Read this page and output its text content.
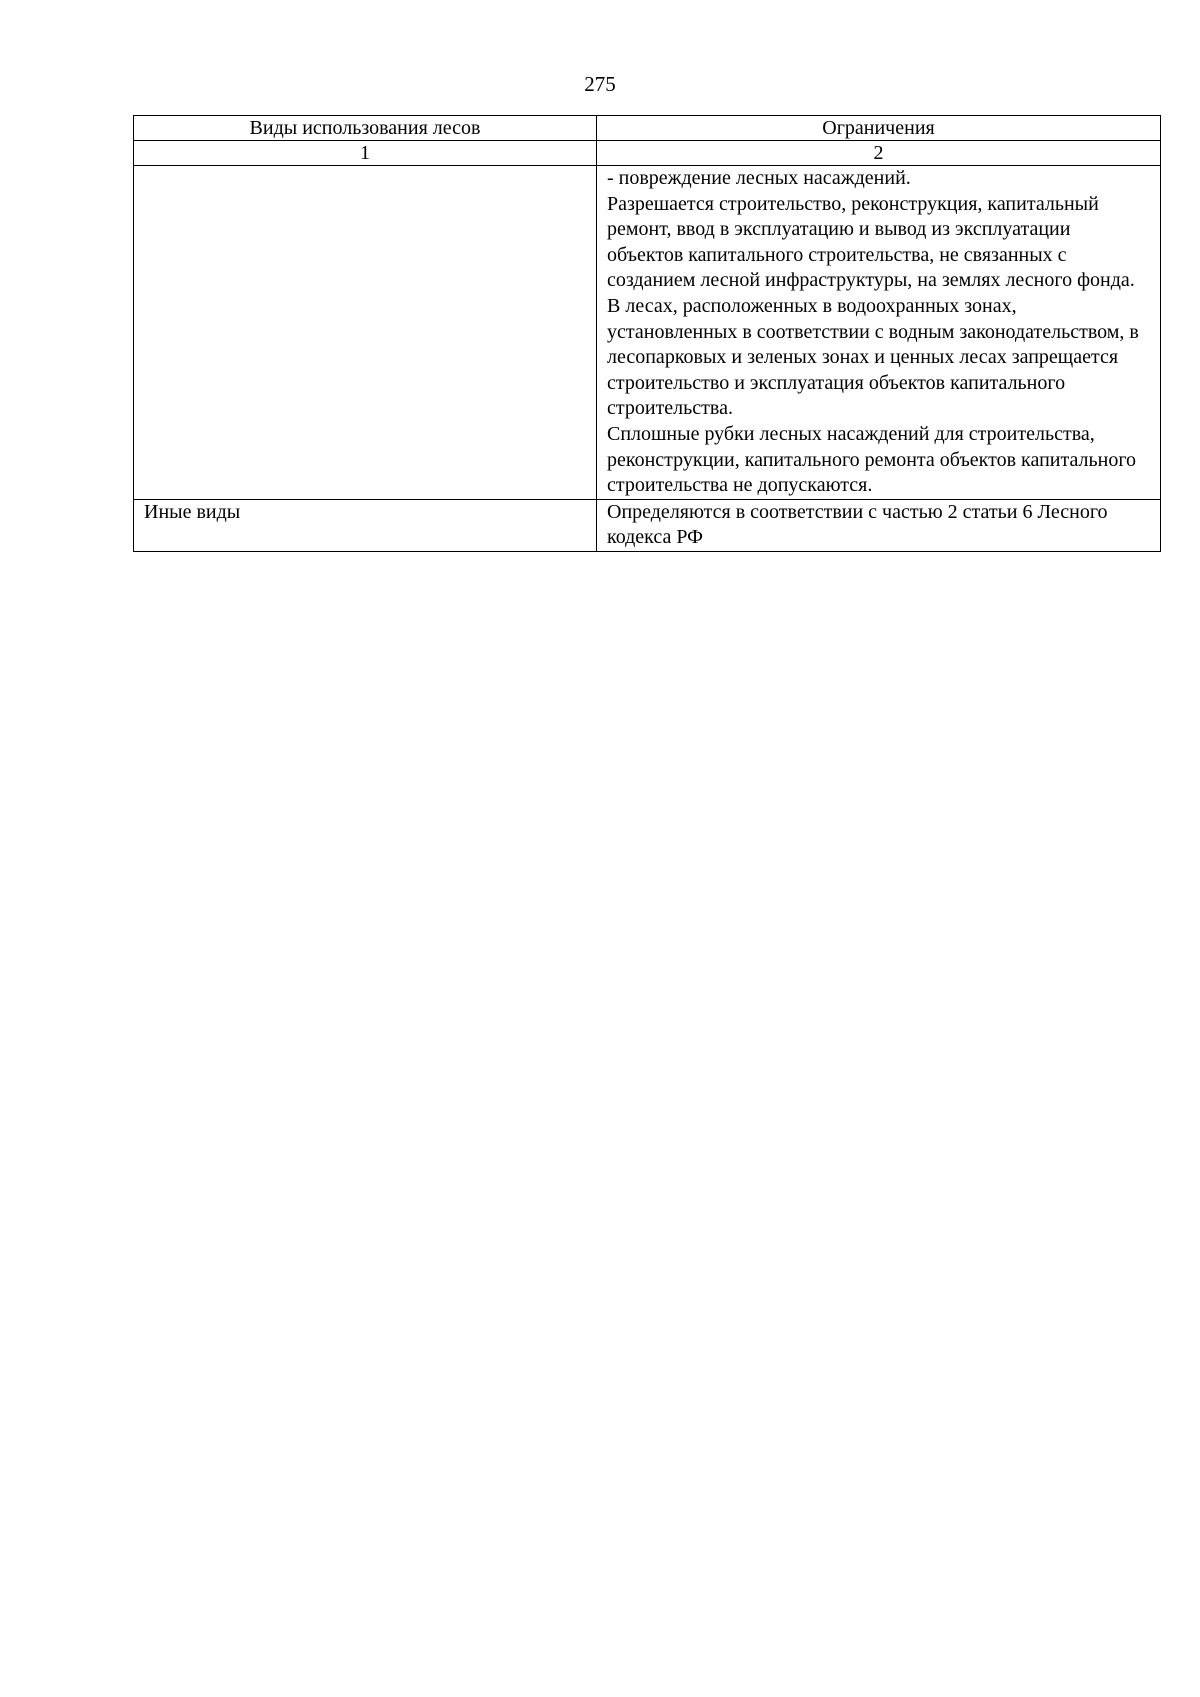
275
Виды использования лесов	Ограничения
1	2

	- повреждение лесных насаждений.
Разрешается строительство, реконструкция, капитальный ремонт, ввод в эксплуатацию и вывод из эксплуатации объектов капитального строительства, не связанных с созданием лесной инфраструктуры, на землях лесного фонда.
В лесах, расположенных в водоохранных зонах, установленных в соответствии с водным законодательством, в лесопарковых и зеленых зонах и ценных лесах запрещается строительство и эксплуатация объектов капитального строительства.
Сплошные рубки лесных насаждений для строительства, реконструкции, капитального ремонта объектов капитального строительства не допускаются.

Иные виды	Определяются в соответствии с частью 2 статьи 6 Лесного кодекса РФ
